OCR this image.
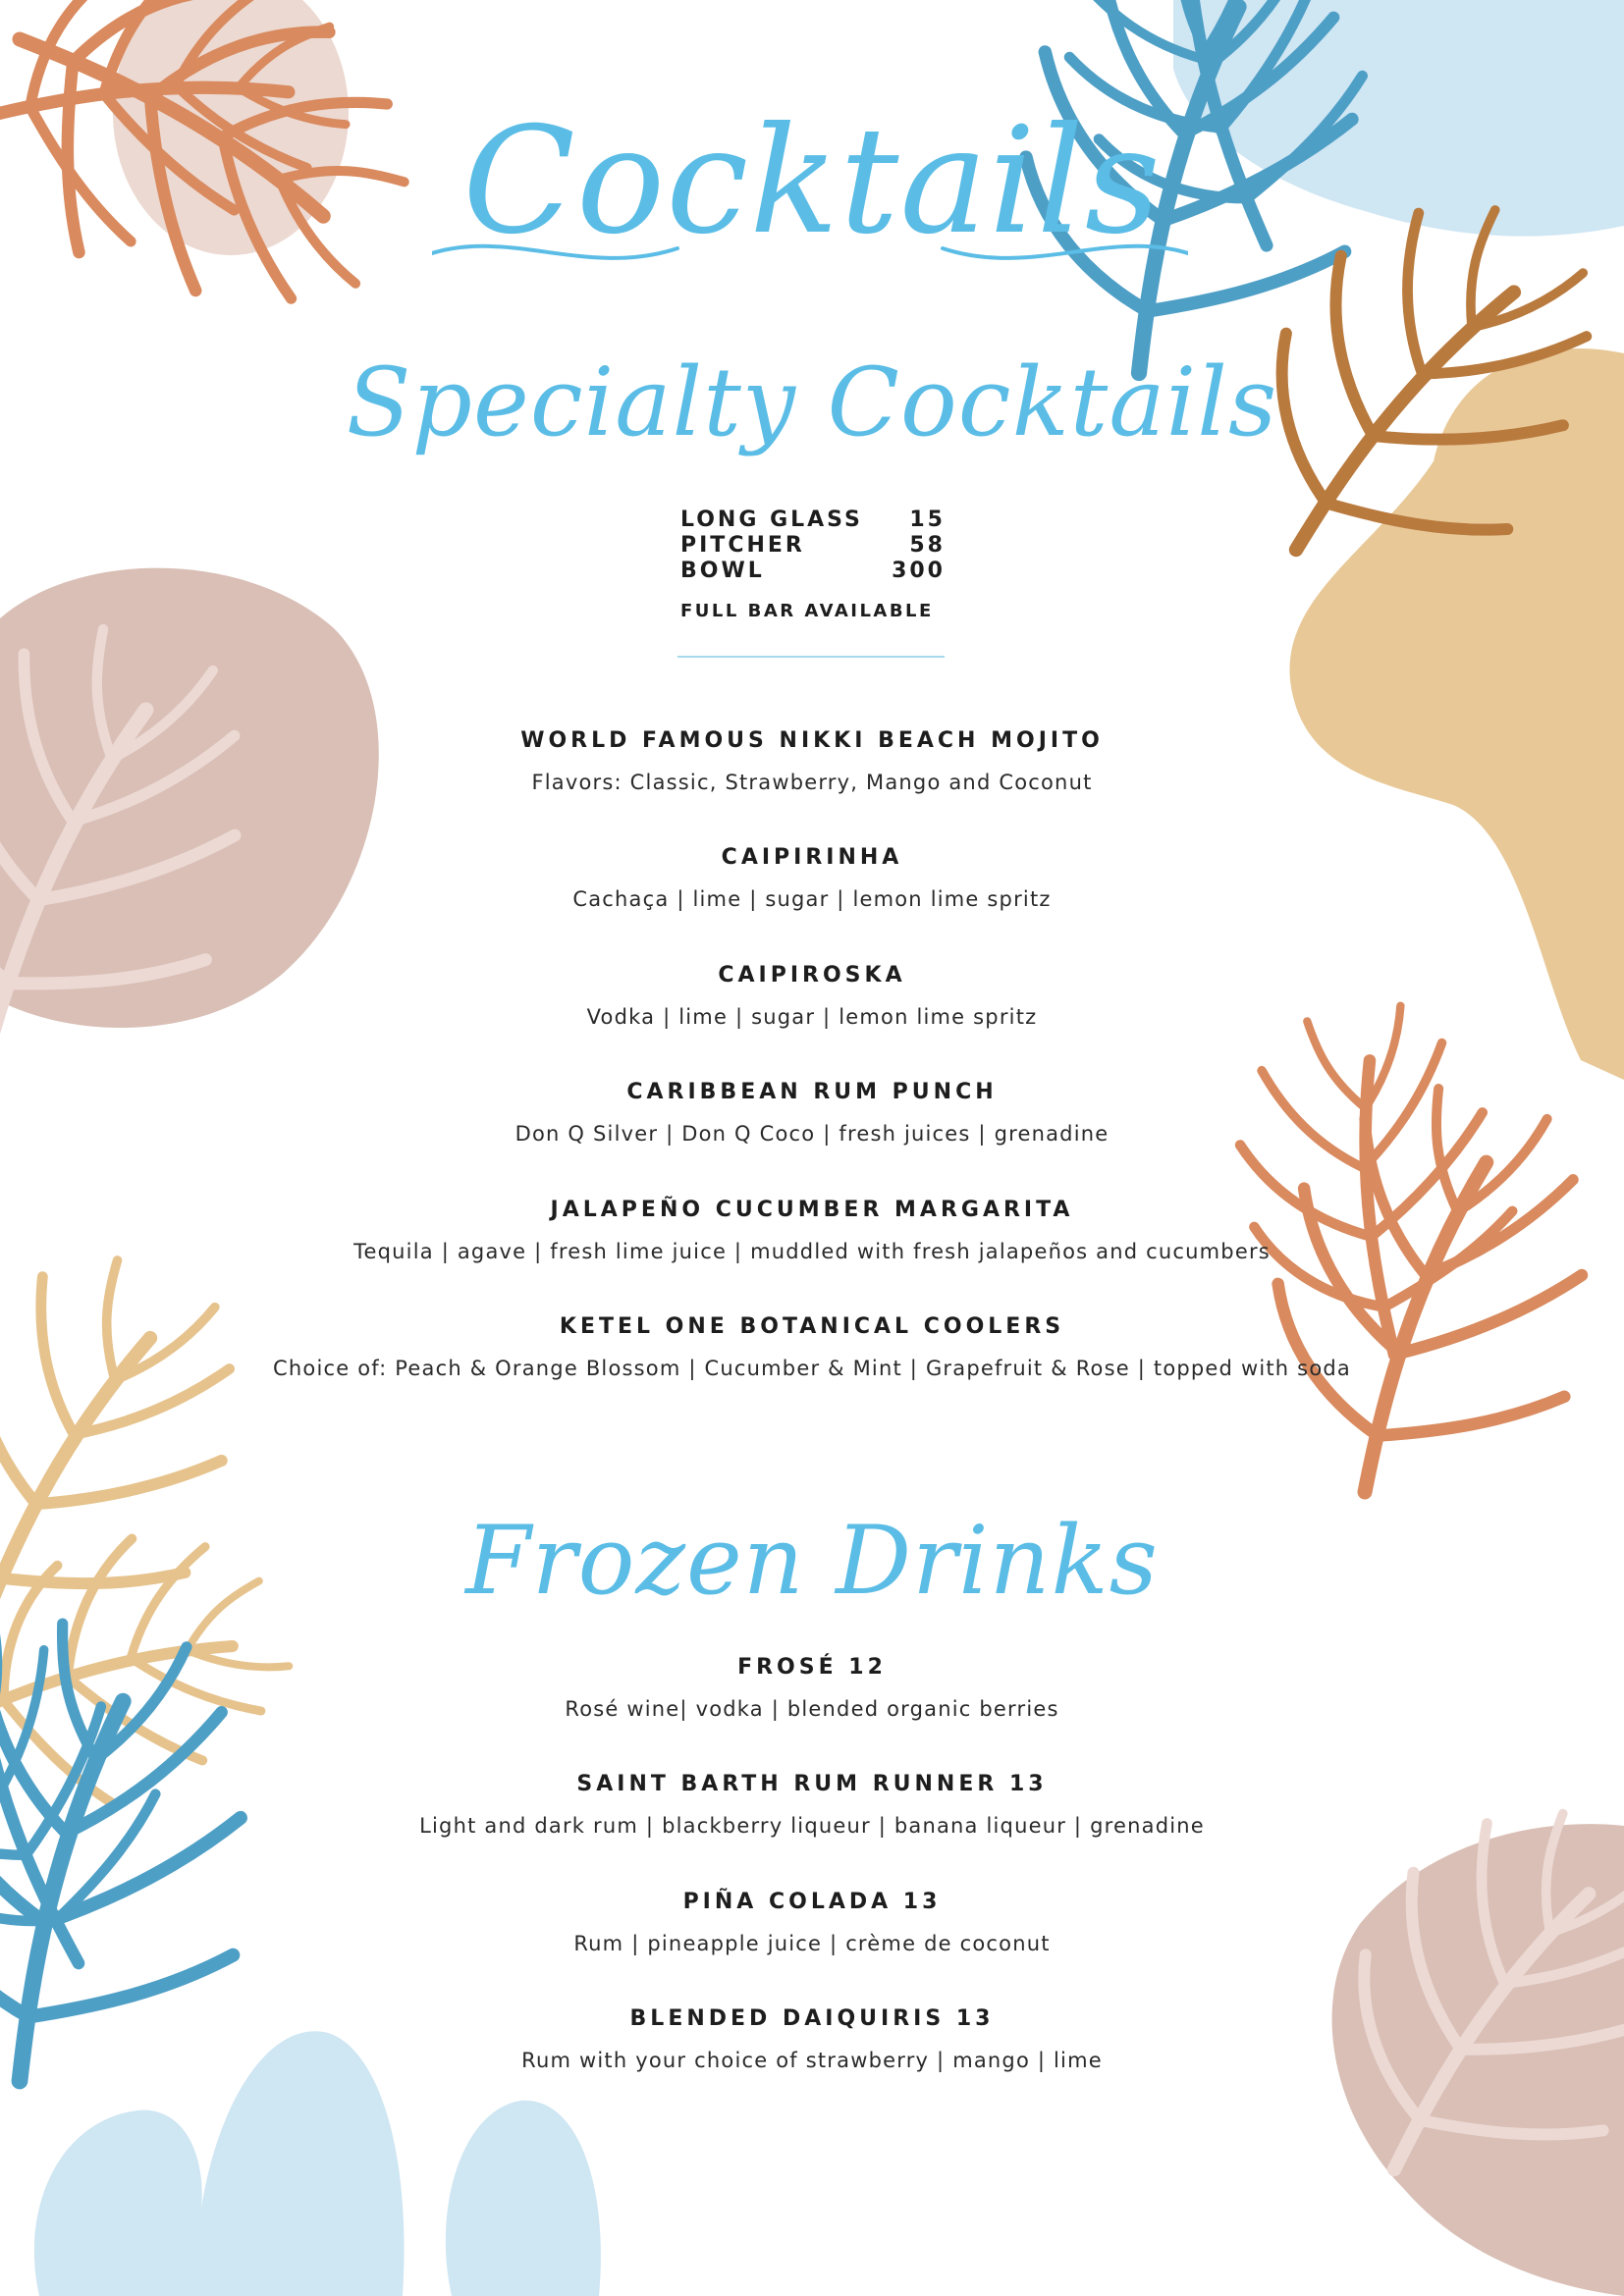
Cocktails
Specialty Cocktails
LONG GLASS 15
PITCHER	58
BOWL	300
FULL BAR AVAILABLE
WORLD FAMOUS NIKKI BEACH MOJITO
Flavors: Classic, Strawberry, Mango and Coconut
CAIPIRINHA
Cachaça | lime | sugar | lemon lime spritz
CAIPIROSKA
Vodka | lime | sugar | lemon lime spritz
CARIBBEAN RUM PUNCH
Don Q Silver | Don Q Coco | fresh juices | grenadine
JALAPEÑO CUCUMBER MARGARITA
Tequila | agave | fresh lime juice | muddled with fresh jalapeños and cucumbers
KETEL ONE BOTANICAL COOLERS
Choice of: Peach & Orange Blossom | Cucumber & Mint | Grapefruit & Rose | topped with soda
Frozen Drinks
FROSÉ 12
Rosé wine| vodka | blended organic berries
SAINT BARTH RUM RUNNER 13
Light and dark rum | blackberry liqueur | banana liqueur | grenadine
PIÑA COLADA 13
Rum | pineapple juice | crème de coconut
BLENDED DAIQUIRIS 13
Rum with your choice of strawberry | mango | lime
